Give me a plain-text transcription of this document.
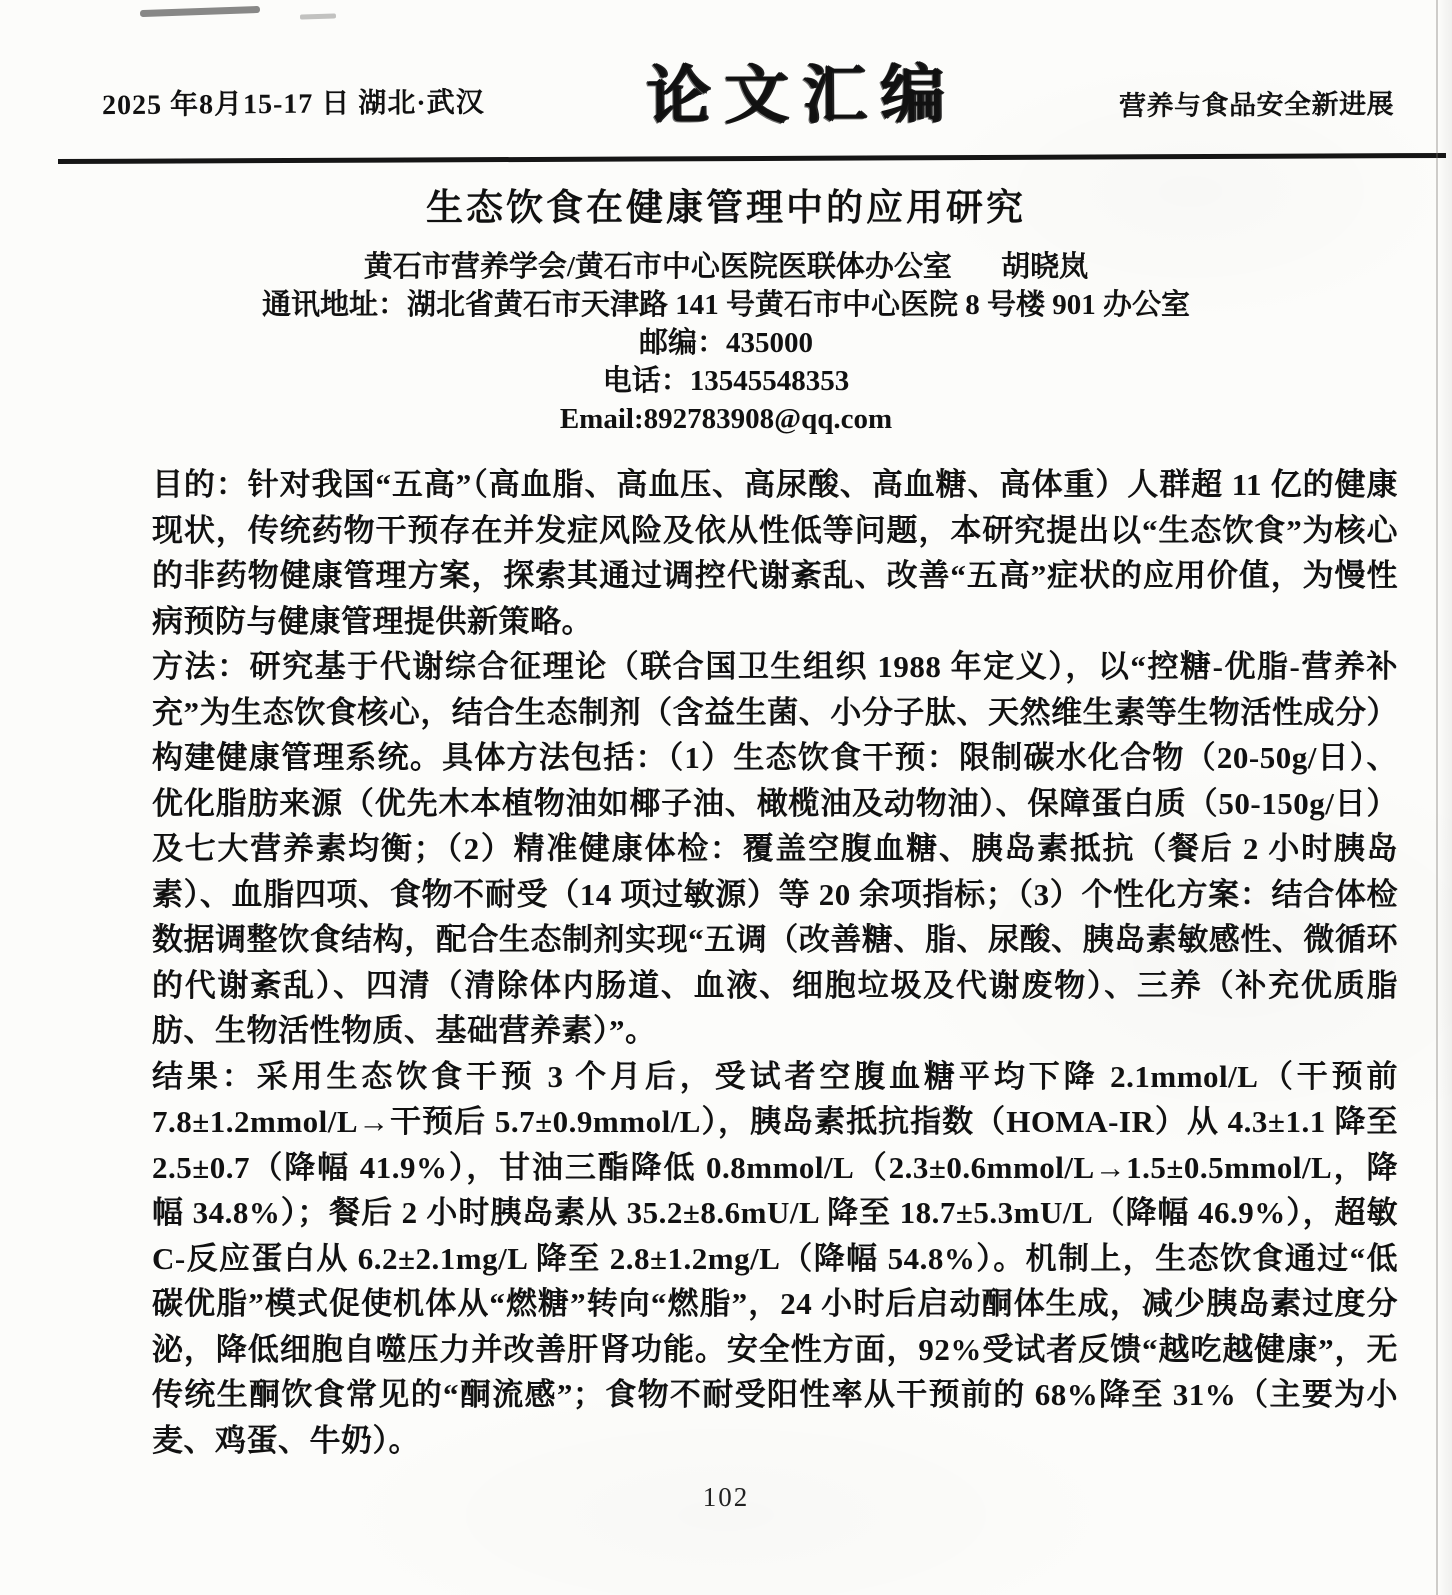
2025 年8月15-17 日 湖北·武汉	论文汇编	营养与食品安全新进展
生态饮食在健康管理中的应用研究
黄石市营养学会/黄石市中心医院医联体办公室 胡晓岚
通讯地址：湖北省黄石市天津路 141 号黄石市中心医院 8 号楼 901 办公室
邮编：435000
电话：13545548353
Email:892783908@qq.com

目的：针对我国“五高”（高血脂、高血压、高尿酸、高血糖、高体重）人群超 11 亿的健康现状，传统药物干预存在并发症风险及依从性低等问题，本研究提出以“生态饮食”为核心的非药物健康管理方案，探索其通过调控代谢紊乱、改善“五高”症状的应用价值，为慢性病预防与健康管理提供新策略。

方法：研究基于代谢综合征理论（联合国卫生组织 1988 年定义），以“控糖-优脂-营养补充”为生态饮食核心，结合生态制剂（含益生菌、小分子肽、天然维生素等生物活性成分）构建健康管理系统。具体方法包括：（1）生态饮食干预：限制碳水化合物（20-50g/日）、优化脂肪来源（优先木本植物油如椰子油、橄榄油及动物油）、保障蛋白质（50-150g/日）及七大营养素均衡；（2）精准健康体检：覆盖空腹血糖、胰岛素抵抗（餐后 2 小时胰岛素）、血脂四项、食物不耐受（14 项过敏源）等 20 余项指标；（3）个性化方案：结合体检数据调整饮食结构，配合生态制剂实现“五调（改善糖、脂、尿酸、胰岛素敏感性、微循环的代谢紊乱）、四清（清除体内肠道、血液、细胞垃圾及代谢废物）、三养（补充优质脂肪、生物活性物质、基础营养素）”。

结果：采用生态饮食干预 3 个月后，受试者空腹血糖平均下降 2.1mmol/L（干预前 7.8±1.2mmol/L→干预后 5.7±0.9mmol/L），胰岛素抵抗指数（HOMA-IR）从 4.3±1.1 降至 2.5±0.7（降幅 41.9%），甘油三酯降低 0.8mmol/L（2.3±0.6mmol/L→1.5±0.5mmol/L，降幅 34.8%）；餐后 2 小时胰岛素从 35.2±8.6mU/L 降至 18.7±5.3mU/L（降幅 46.9%），超敏 C-反应蛋白从 6.2±2.1mg/L 降至 2.8±1.2mg/L（降幅 54.8%）。机制上，生态饮食通过“低碳优脂”模式促使机体从“燃糖”转向“燃脂”，24 小时后启动酮体生成，减少胰岛素过度分泌，降低细胞自噬压力并改善肝肾功能。安全性方面，92%受试者反馈“越吃越健康”，无传统生酮饮食常见的“酮流感”；食物不耐受阳性率从干预前的 68%降至 31%（主要为小麦、鸡蛋、牛奶）。

102
